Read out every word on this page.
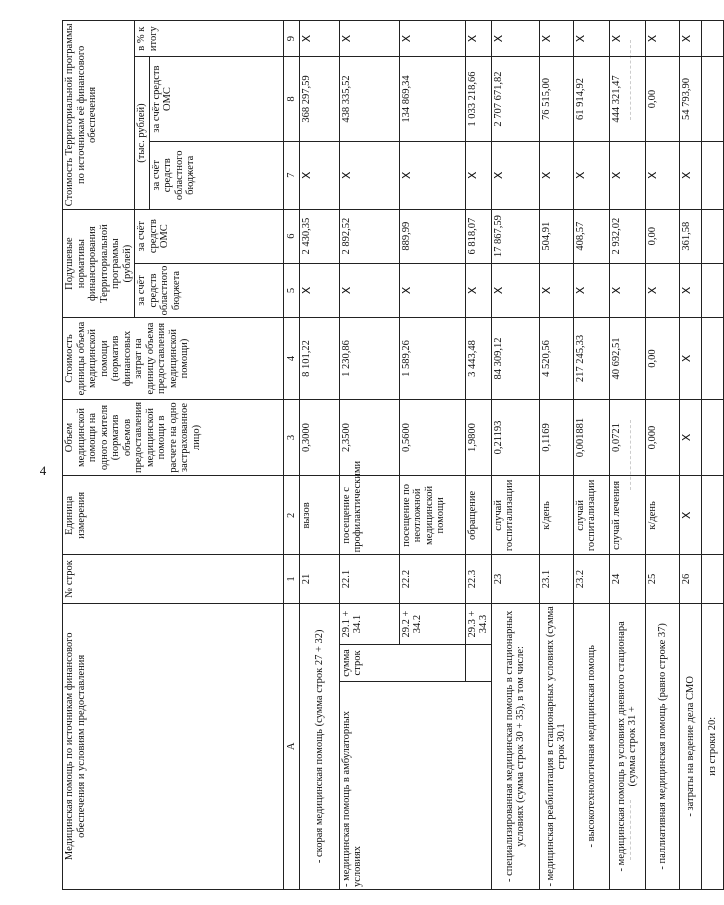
4
Медицинская помощь по источникам финансового обеспечения и условиям предоставления			№ строк	Единица измерения	Объем медицинской помощи на одного жителя (норматив объемов предоставления медицинской помощи в расчете на одно застрахованное лицо)	Стоимость единицы объема медицинской помощи (норматив финансовых затрат на единицу объема предоставления медицинской помощи)	Подушевые нормативы финансирования Территориальной программы
(рублей)		Стоимость Территориальной программы по источникам её финансового обеспечения		
							за счёт средств областного бюджета	за счёт средств ОМС	(тыс. рублей)		в % к итогу
									за счёт средств областного бюджета	за счёт средств ОМС	
А			1	2	3	4	5	6	7	8	9
- скорая медицинская помощь (сумма строк 27 + 32)			21	вызов	0,3000	8 101,22	X	2 430,35	X	368 297,59	X
- медицинская помощь в амбулаторных условиях	сумма строк	29.1 + 34.1	22.1	посещение с профилактическими	2,3500	1 230,86	X	2 892,52	X	438 335,52	X
		29.2 + 34.2	22.2	посещение по неотложной медицинской помощи	0,5600	1 589,26	X	889,99	X	134 869,34	X
		29.3 + 34.3	22.3	обращение	1,9800	3 443,48	X	6 818,07	X	1 033 218,66	X
- специализированная медицинская помощь в стационарных условиях (сумма строк 30 + 35), в том числе:			23	случай госпитализации	0,21193	84 309,12	X	17 867,59	X	2 707 671,82	X
- медицинская реабилитация в стационарных условиях (сумма строк 30.1			23.1	к/день	0,1169	4 520,56	X	504,91	X	76 515,00	X
- высокотехнологичная медицинская помощь			23.2	случай госпитализации	0,001881	217 245,33	X	408,57	X	61 914,92	X
- медицинская помощь в условиях дневного стационара (сумма строк 31 +			24	случай лечения	0,0721	40 692,51	X	2 932,02	X	444 321,47	X
- паллиативная медицинская помощь (равно строке 37)			25	к/день	0,000	0,00	X	0,00	X	0,00	X
- затраты на ведение дела СМО			26	X	X	X	X	361,58	X	54 793,90	X
из строки 20:											
